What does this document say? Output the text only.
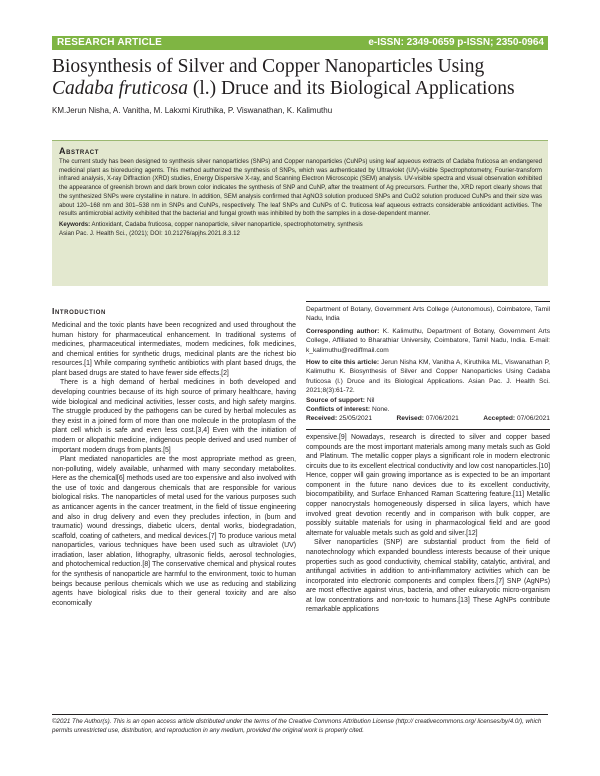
RESEARCH ARTICLE	e-ISSN: 2349-0659 p-ISSN; 2350-0964
Biosynthesis of Silver and Copper Nanoparticles Using
Cadaba fruticosa (l.) Druce and its Biological Applications
KM.Jerun Nisha, A. Vanitha, M. Lakxmi Kiruthika, P. Viswanathan, K. Kalimuthu
Abstract
The current study has been designed to synthesis silver nanoparticles (SNPs) and Copper nanoparticles (CuNPs) using leaf aqueous extracts of Cadaba fruticosa an endangered medicinal plant as bioreducing agents. This method authorized the synthesis of SNPs, which was authenticated by Ultraviolet (UV)-visible Spectrophotometry, Fourier-transform infrared analysis, X-ray Diffraction (XRD) studies, Energy Dispersive X-ray, and Scanning Electron Microscopic (SEM) analysis. UV-visible spectra and visual observation exhibited the appearance of greenish brown and dark brown color indicates the synthesis of SNP and CuNP, after the treatment of Ag precursors. Further the, XRD report clearly shows that the synthesized SNPs were crystalline in nature. In addition, SEM analysis confirmed that AgNO3 solution produced SNPs and CuO2 solution produced CuNPs and their size was about 120–168 nm and 301–538 nm in SNPs and CuNPs, respectively. The leaf SNPs and CuNPs of C. fruticosa leaf aqueous extracts considerable antioxidant activities. The results antimicrobial activity exhibited that the bacterial and fungal growth was inhibited by both the samples in a dose-dependent manner.
Keywords: Antioxidant, Cadaba fruticosa, copper nanoparticle, silver nanoparticle, spectrophotometry, synthesis
Asian Pac. J. Health Sci., (2021); DOI: 10.21276/apjhs.2021.8.3.12
Introduction

Medicinal and the toxic plants have been recognized and used throughout the human history for pharmaceutical enhancement. In traditional systems of medicines, pharmaceutical intermediates, modern medicines, folk medicines, and chemical entities for synthetic drugs, medicinal plants are the richest bio resources.[1] While comparing synthetic antibiotics with plant based drugs, the plant based drugs are stated to have fewer side effects.[2]

There is a high demand of herbal medicines in both developed and developing countries because of its high source of primary healthcare, having wide biological and medicinal activities, lesser costs, and high safety margins. The struggle produced by the pathogens can be cured by herbal molecules as they exist in a joined form of more than one molecule in the protoplasm of the plant cell which is safe and even less cost.[3,4] Even with the initiation of modern or allopathic medicine, indigenous people derived and used number of important modern drugs from plants.[5]

Plant mediated nanoparticles are the most appropriate method as green, non-polluting, widely available, unharmed with many secondary metabolites. Here as the chemical[6] methods used are too expensive and also involved with the use of toxic and dangerous chemicals that are responsible for various biological risks. The nanoparticles of metal used for the various purposes such as anticancer agents in the cancer treatment, in the field of tissue engineering and also in drug delivery and even they precludes infection, in (burn and traumatic) wound dressings, diabetic ulcers, dental works, biodegradation, scaffold, coating of catheters, and medical devices.[7] To produce various metal nanoparticles, various techniques have been used such as ultraviolet (UV) irradiation, laser ablation, lithography, ultrasonic fields, aerosol technologies, and photochemical reduction.[8] The conservative chemical and physical routes for the synthesis of nanoparticle are harmful to the environment, toxic to human beings because perilous chemicals which we use as reducing and stabilizing agents have biological risks due to their general toxicity and are also economically

Department of Botany, Government Arts College (Autonomous), Coimbatore, Tamil Nadu, India

Corresponding author: K. Kalimuthu, Department of Botany, Government Arts College, Affiliated to Bharathiar University, Coimbatore, Tamil Nadu, India. E-mail: k_kalimuthu@rediffmail.com

How to cite this article: Jerun Nisha KM, Vanitha A, Kiruthika ML, Viswanathan P, Kalimuthu K. Biosynthesis of Silver and Copper Nanoparticles Using Cadaba fruticosa (l.) Druce and its Biological Applications. Asian Pac. J. Health Sci. 2021;8(3):61-72.

Source of support: Nil

Conflicts of interest: None.

Received: 25/05/2021	Revised: 07/06/2021	Accepted: 07/06/2021

expensive.[9] Nowadays, research is directed to silver and copper based compounds are the most important materials among many metals such as Gold and Platinum. The metallic copper plays a significant role in modern electronic circuits due to its excellent electrical conductivity and low cost nanoparticles.[10] Hence, copper will gain growing importance as is expected to be an important component in the future nano devices due to its excellent conductivity, biocompatibility, and Surface Enhanced Raman Scattering feature.[11] Metallic copper nanocrystals homogeneously dispersed in silica layers, which have involved great devotion recently and in comparison with bulk copper, are possibly suitable materials for using in pharmacological field and are good alternate for valuable metals such as gold and silver.[12]

Silver nanoparticles (SNP) are substantial product from the field of nanotechnology which expanded boundless interests because of their unique properties such as good conductivity, chemical stability, catalytic, antiviral, and antifungal activities in addition to anti-inflammatory activities which can be incorporated into electronic components and complex fibers.[7] SNP (AgNPs) are most effective against virus, bacteria, and other eukaryotic micro-organism at low concentrations and non-toxic to humans.[13] These AgNPs contribute remarkable applications

©2021 The Author(s). This is an open access article distributed under the terms of the Creative Commons Attribution License (http:// creativecommons.org/ licenses/by/4.0/), which permits unrestricted use, distribution, and reproduction in any medium, provided the original work is properly cited.
